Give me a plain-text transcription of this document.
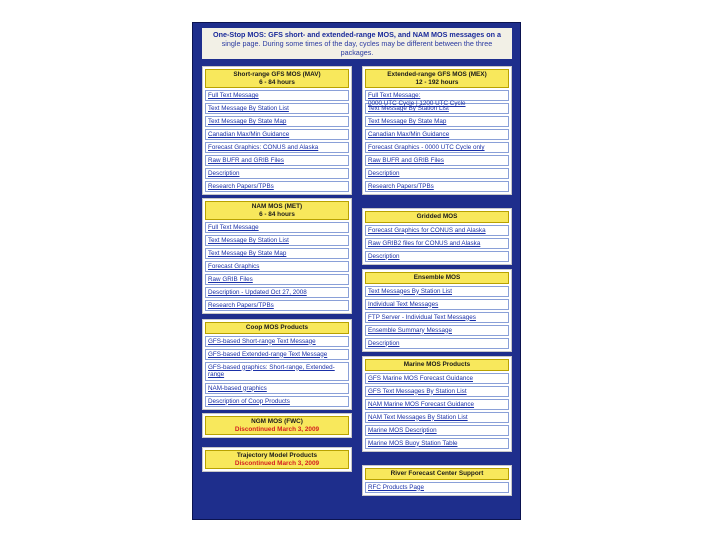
One-Stop MOS: GFS short- and extended-range MOS, and NAM MOS messages on a
single page. During some times of the day, cycles may be different between the three
packages.
Short-range GFS MOS (MAV)
6 - 84 hours
Full Text Message
Text Message By Station List
Text Message By State Map
Canadian Max/Min Guidance
Forecast Graphics: CONUS and Alaska
Raw BUFR and GRIB Files
Description
Research Papers/TPBs
NAM MOS (MET)
6 - 84 hours
Full Text Message
Text Message By Station List
Text Message By State Map
Forecast Graphics
Raw GRIB Files
Description - Updated Oct 27, 2008
Research Papers/TPBs
Coop MOS Products
GFS-based Short-range Text Message
GFS-based Extended-range Text Message
GFS-based graphics: Short-range, Extended-range
NAM-based graphics
Description of Coop Products
NGM MOS (FWC)
Discontinued March 3, 2009
Trajectory Model Products
Discontinued March 3, 2009
Extended-range GFS MOS (MEX)
12 - 192 hours
Full Text Message:
0000 UTC Cycle | 1200 UTC Cycle
Text Message By Station List
Text Message By State Map
Canadian Max/Min Guidance
Forecast Graphics - 0000 UTC Cycle only
Raw BUFR and GRIB Files
Description
Research Papers/TPBs
Gridded MOS
Forecast Graphics for CONUS and Alaska
Raw GRIB2 files for CONUS and Alaska
Description
Ensemble MOS
Text Messages By Station List
Individual Text Messages
FTP Server - Individual Text Messages
Ensemble Summary Message
Description
Marine MOS Products
GFS Marine MOS Forecast Guidance
GFS Text Messages By Station List
NAM Marine MOS Forecast Guidance
NAM Text Messages By Station List
Marine MOS Description
Marine MOS Buoy Station Table
River Forecast Center Support
RFC Products Page
